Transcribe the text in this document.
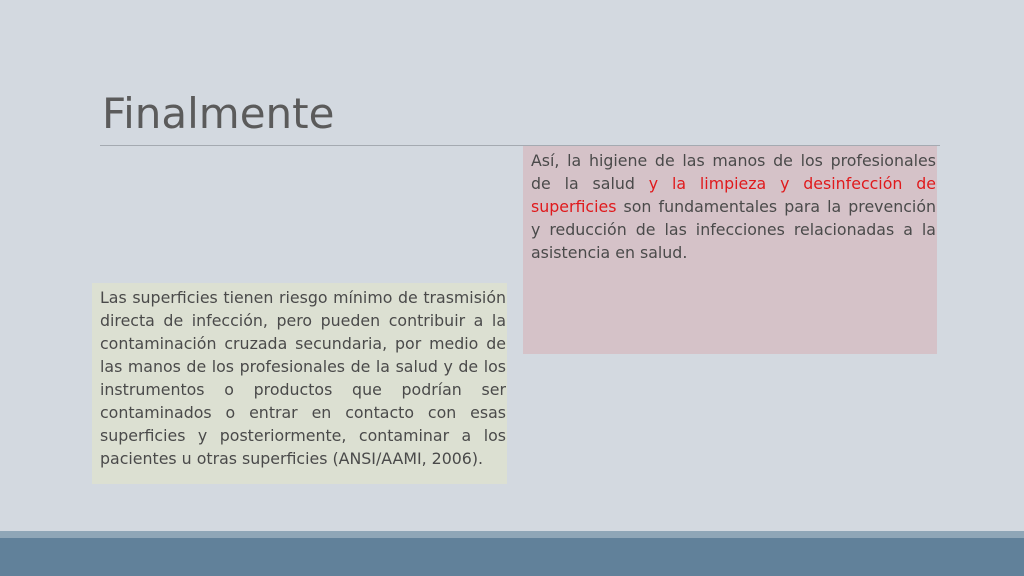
Finalmente
Así, la higiene de las manos de los profesionales de la salud y la limpieza y desinfección de superficies son fundamentales para la prevención y reducción de las infecciones relacionadas a la asistencia en salud.
Las superficies tienen riesgo mínimo de trasmisión directa de infección, pero pueden contribuir a la contaminación cruzada secundaria, por medio de las manos de los profesionales de la salud y de los instrumentos o productos que podrían ser contaminados o entrar en contacto con esas superficies y posteriormente, contaminar a los pacientes u otras superficies (ANSI/AAMI, 2006).
